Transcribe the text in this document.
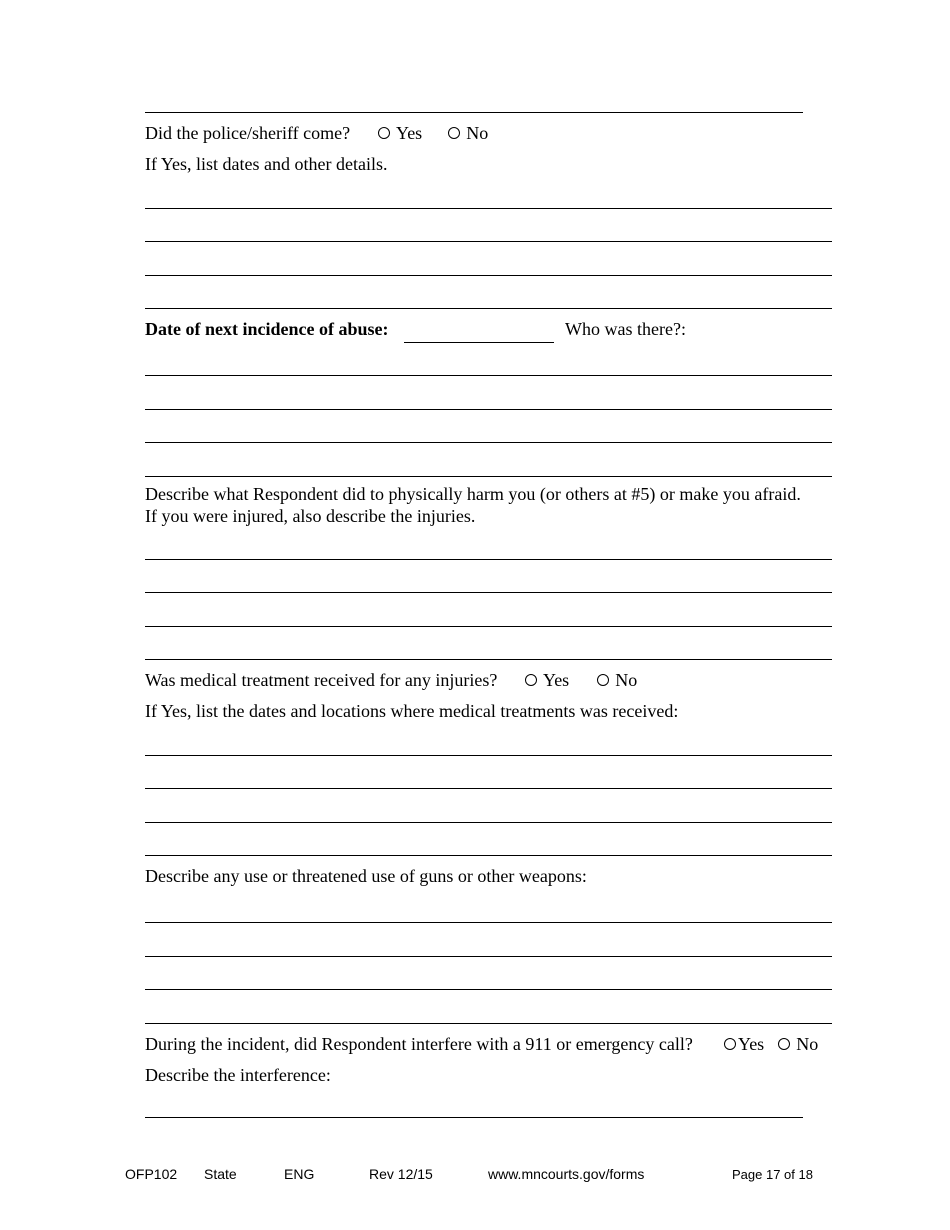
Did the police/sheriff come?	Yes No
If Yes, list dates and other details.
Date of next incidence of abuse:	Who was there?:
Describe what Respondent did to physically harm you (or others at #5) or make you afraid.
If you were injured, also describe the injuries.
Was medical treatment received for any injuries?	Yes	No
If Yes, list the dates and locations where medical treatments was received:
Describe any use or threatened use of guns or other weapons:
During the incident, did Respondent interfere with a 911 or emergency call?	Yes No
Describe the interference:
OFP102 State	ENG	Rev 12/15	www.mncourts.gov/forms	Page 17 of 18
